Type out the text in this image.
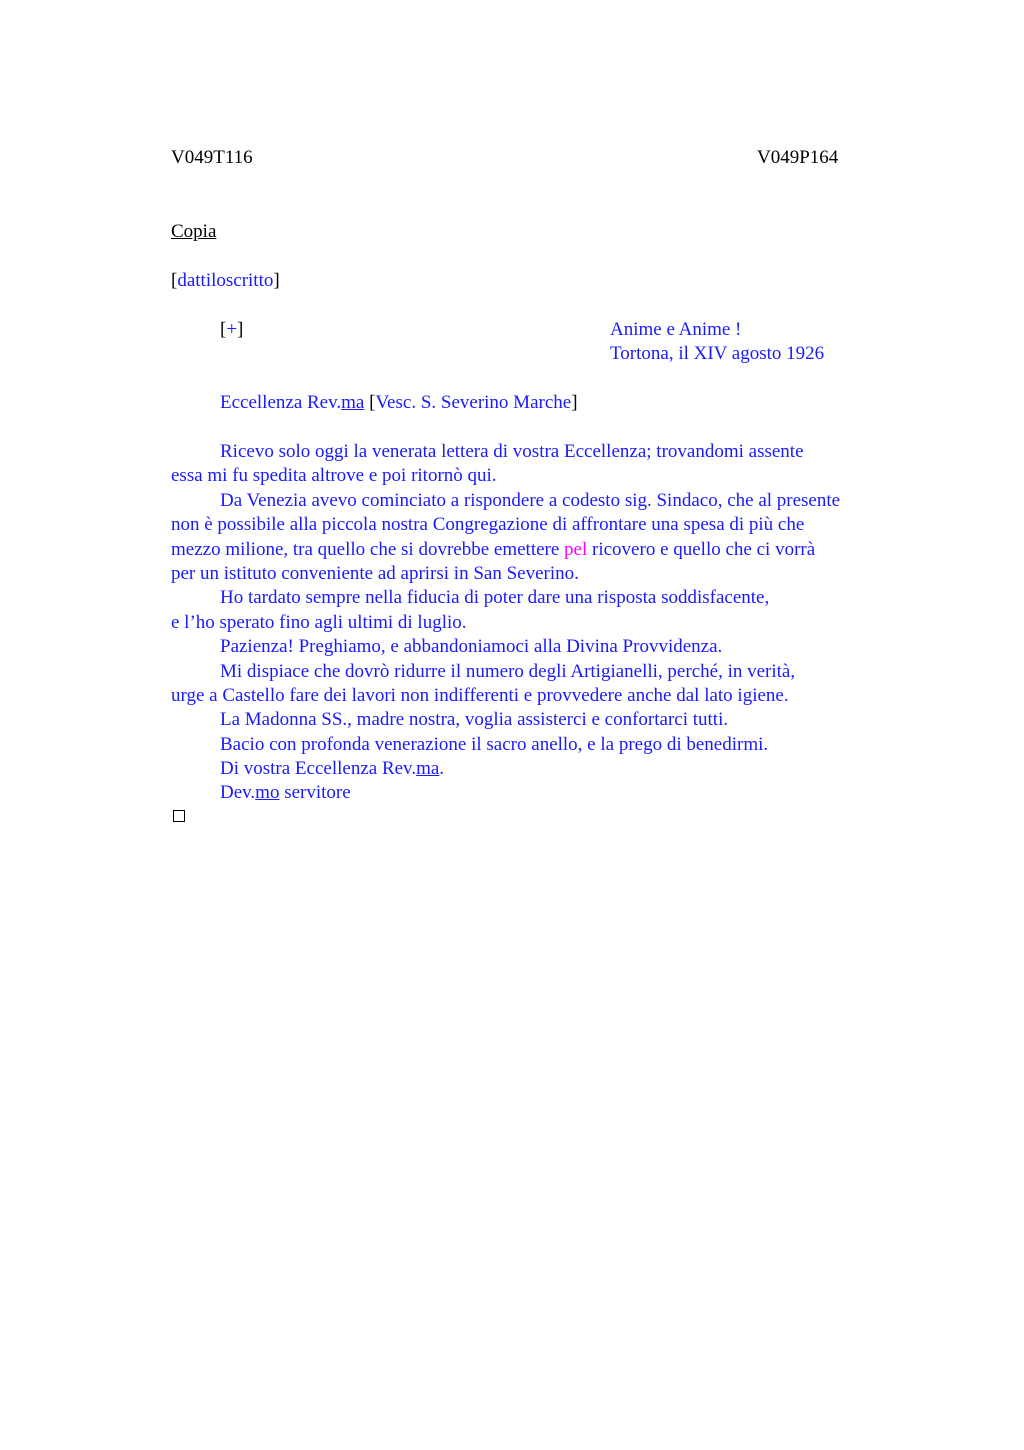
V049T116	V049P164
Copia
[dattiloscritto]
[+]	Anime e Anime !
Tortona, il XIV agosto 1926
Eccellenza Rev.ma [Vesc. S. Severino Marche]
Ricevo solo oggi la venerata lettera di vostra Eccellenza; trovandomi assente
essa mi fu spedita altrove e poi ritornò qui.
Da Venezia avevo cominciato a rispondere a codesto sig. Sindaco, che al presente
non è possibile alla piccola nostra Congregazione di affrontare una spesa di più che
mezzo milione, tra quello che si dovrebbe emettere pel ricovero e quello che ci vorrà
per un istituto conveniente ad aprirsi in San Severino.
Ho tardato sempre nella fiducia di poter dare una risposta soddisfacente,
e l’ho sperato fino agli ultimi di luglio.
Pazienza! Preghiamo, e abbandoniamoci alla Divina Provvidenza.
Mi dispiace che dovrò ridurre il numero degli Artigianelli, perché, in verità,
urge a Castello fare dei lavori non indifferenti e provvedere anche dal lato igiene.
La Madonna SS., madre nostra, voglia assisterci e confortarci tutti.
Bacio con profonda venerazione il sacro anello, e la prego di benedirmi.
Di vostra Eccellenza Rev.ma.
Dev.mo servitore
